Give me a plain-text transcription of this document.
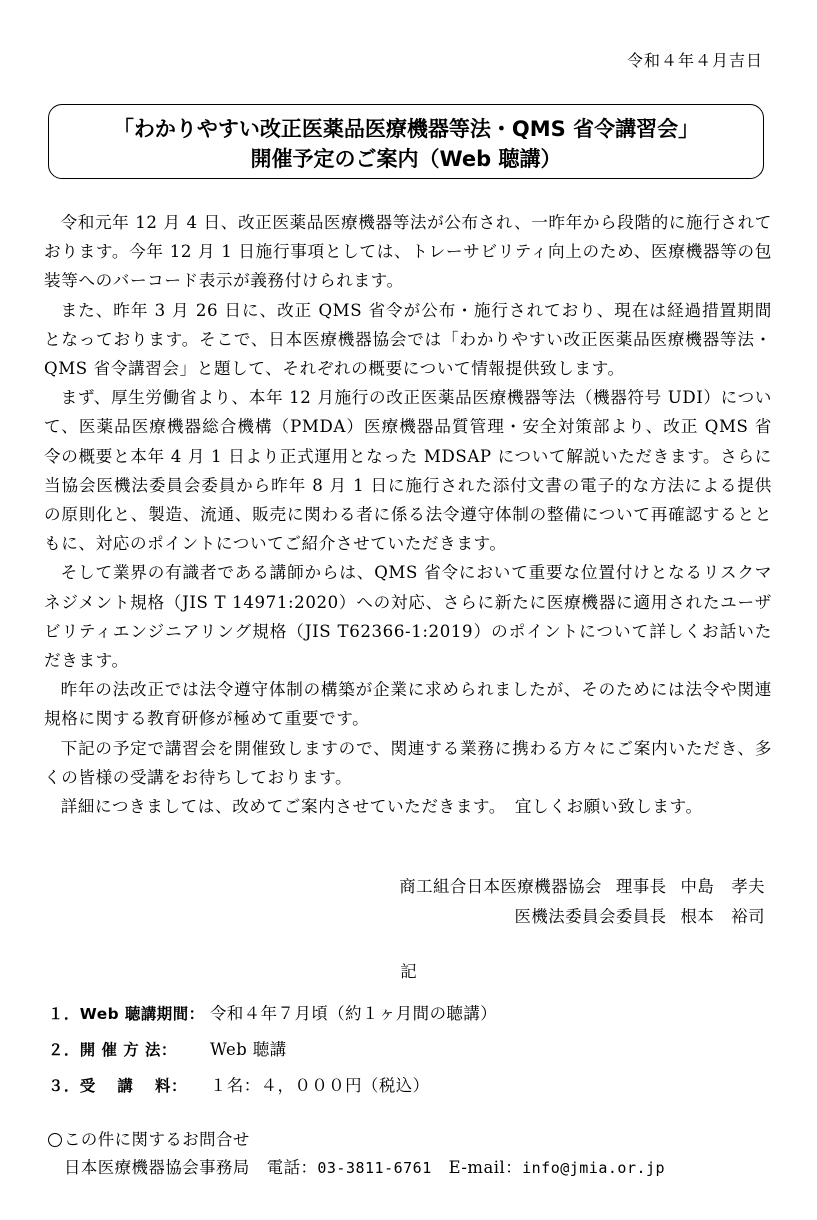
令和４年４月吉日
「わかりやすい改正医薬品医療機器等法・QMS 省令講習会」
開催予定のご案内（Web 聴講）

令和元年 12 月 4 日、改正医薬品医療機器等法が公布され、一昨年から段階的に施行されております。今年 12 月 1 日施行事項としては、トレーサビリティ向上のため、医療機器等の包装等へのバーコード表示が義務付けられます。

また、昨年 3 月 26 日に、改正 QMS 省令が公布・施行されており、現在は経過措置期間となっております。そこで、日本医療機器協会では「わかりやすい改正医薬品医療機器等法・QMS 省令講習会」と題して、それぞれの概要について情報提供致します。

まず、厚生労働省より、本年 12 月施行の改正医薬品医療機器等法（機器符号 UDI）について、医薬品医療機器総合機構（PMDA）医療機器品質管理・安全対策部より、改正 QMS 省令の概要と本年 4 月 1 日より正式運用となった MDSAP について解説いただきます。さらに当協会医機法委員会委員から昨年 8 月 1 日に施行された添付文書の電子的な方法による提供の原則化と、製造、流通、販売に関わる者に係る法令遵守体制の整備について再確認するとともに、対応のポイントについてご紹介させていただきます。

そして業界の有識者である講師からは、QMS 省令において重要な位置付けとなるリスクマネジメント規格（JIS T 14971:2020）への対応、さらに新たに医療機器に適用されたユーザビリティエンジニアリング規格（JIS T62366-1:2019）のポイントについて詳しくお話いただきます。

昨年の法改正では法令遵守体制の構築が企業に求められましたが、そのためには法令や関連規格に関する教育研修が極めて重要です。

下記の予定で講習会を開催致しますので、関連する業務に携わる方々にご案内いただき、多くの皆様の受講をお待ちしております。

詳細につきましては、改めてご案内させていただきます。　宜しくお願い致します。

商工組合日本医療機器協会 理事長 中島　孝夫
医機法委員会委員長 根本　裕司
記
１．Web 聴講期間： 令和４年７月頃（約１ヶ月間の聴講）
２．開 催 方 法：	Web 聴講
３．受　 講 　料：	１名：４，０００円（税込）
この件に関するお問合せ
日本医療機器協会事務局　 電話：03-3811-6761　 E-mail：info@jmia.or.jp
